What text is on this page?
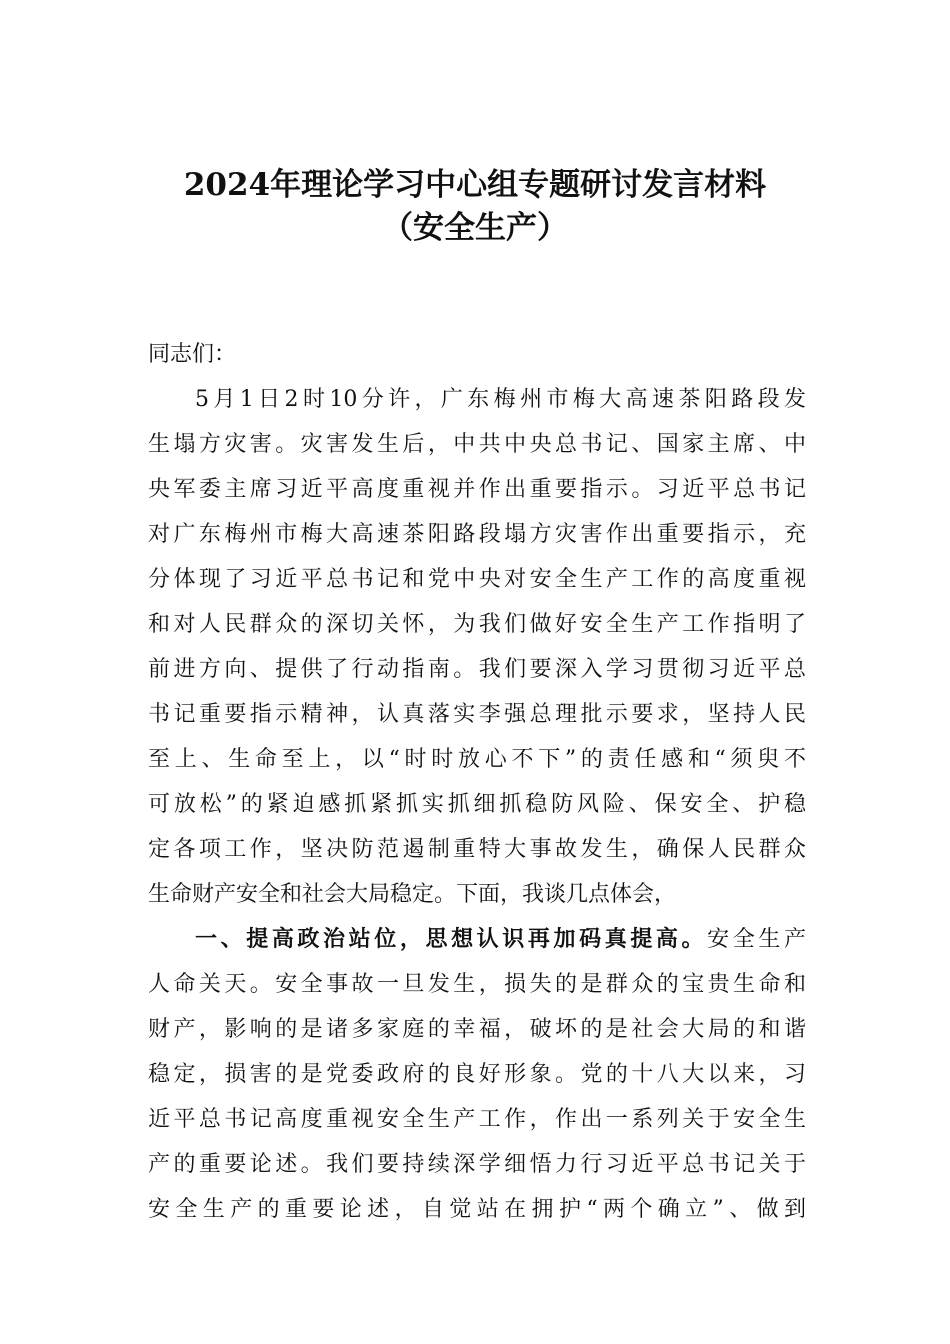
2024年理论学习中心组专题研讨发言材料
（安全生产）
同志们：
5月1日2时10分许，广东梅州市梅大高速茶阳路段发
生塌方灾害。灾害发生后，中共中央总书记、国家主席、中
央军委主席习近平高度重视并作出重要指示。习近平总书记
对广东梅州市梅大高速茶阳路段塌方灾害作出重要指示，充
分体现了习近平总书记和党中央对安全生产工作的高度重视
和对人民群众的深切关怀，为我们做好安全生产工作指明了
前进方向、提供了行动指南。我们要深入学习贯彻习近平总
书记重要指示精神，认真落实李强总理批示要求，坚持人民
至上、生命至上，以“时时放心不下”的责任感和“须臾不
可放松”的紧迫感抓紧抓实抓细抓稳防风险、保安全、护稳
定各项工作，坚决防范遏制重特大事故发生，确保人民群众
生命财产安全和社会大局稳定。下面，我谈几点体会，
一、提高政治站位，思想认识再加码真提高。安全生产
人命关天。安全事故一旦发生，损失的是群众的宝贵生命和
财产，影响的是诸多家庭的幸福，破坏的是社会大局的和谐
稳定，损害的是党委政府的良好形象。党的十八大以来，习
近平总书记高度重视安全生产工作，作出一系列关于安全生
产的重要论述。我们要持续深学细悟力行习近平总书记关于
安全生产的重要论述，自觉站在拥护“两个确立”、做到
